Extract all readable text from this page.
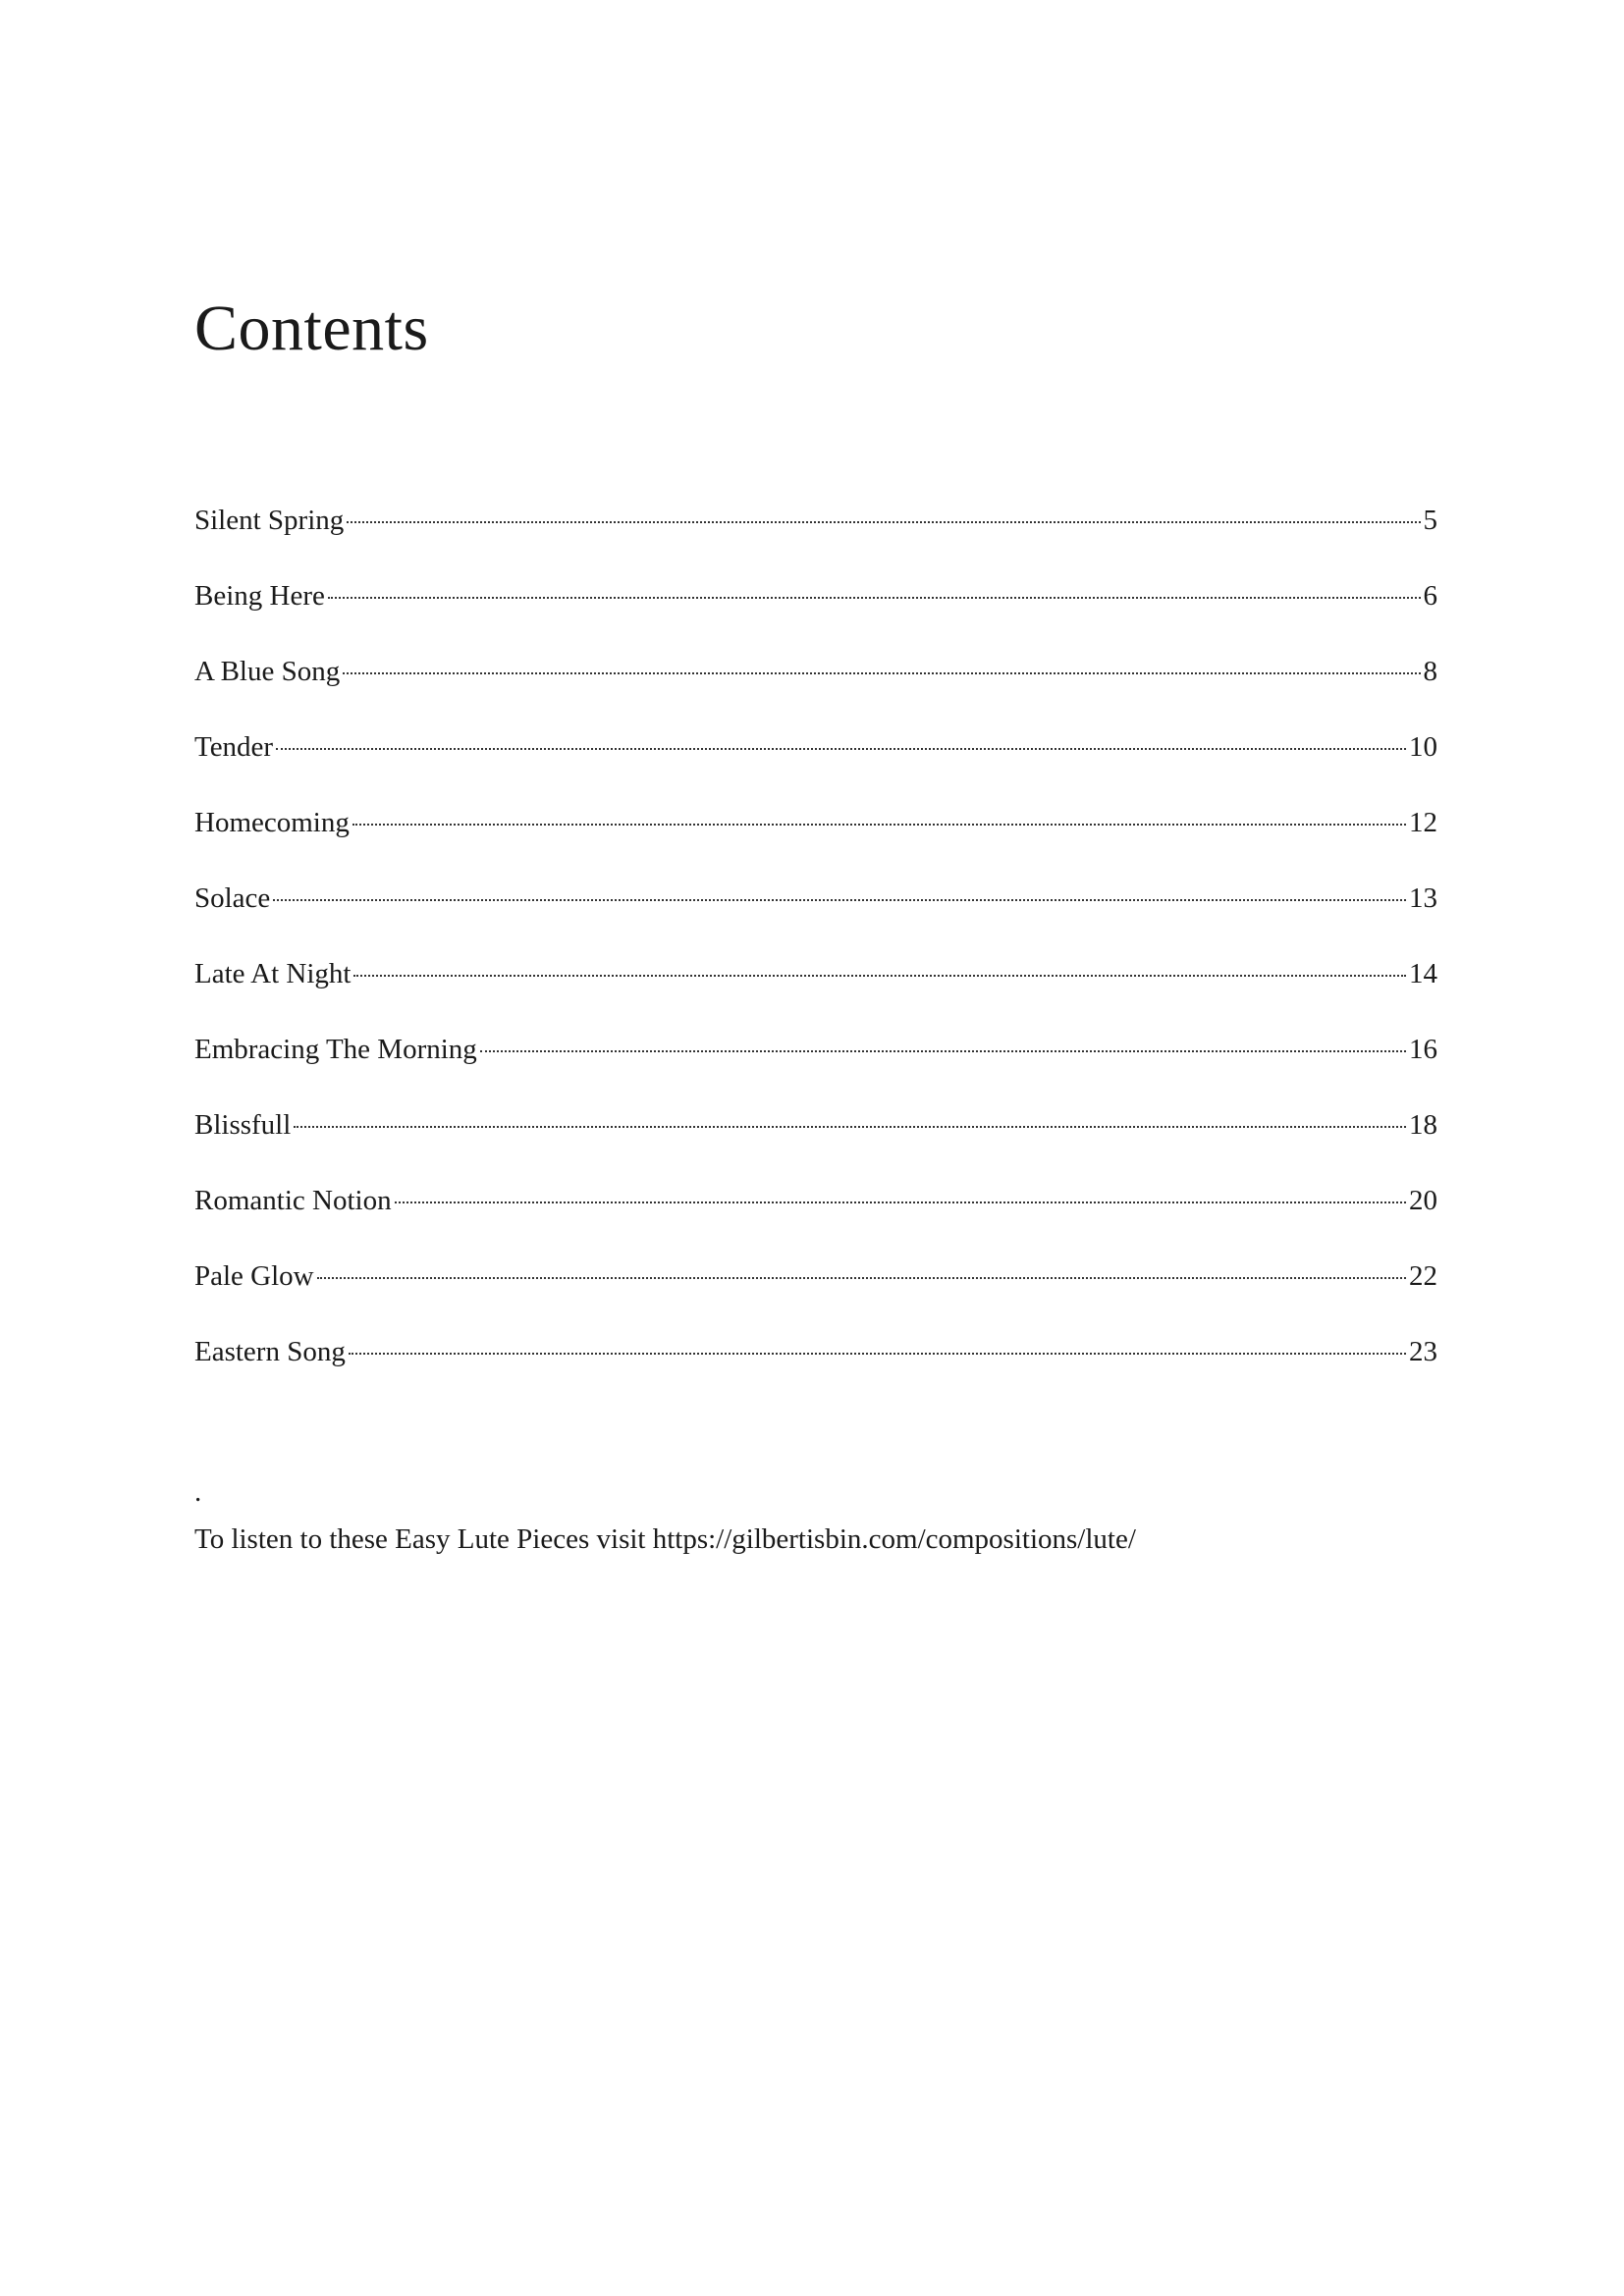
Contents
Silent Spring	5
Being Here	6
A Blue Song	8
Tender	10
Homecoming	12
Solace	13
Late At Night	14
Embracing The Morning	16
Blissfull	18
Romantic Notion	20
Pale Glow	22
Eastern Song	23

.

To listen to these Easy Lute Pieces visit https://gilbertisbin.com/compositions/lute/
